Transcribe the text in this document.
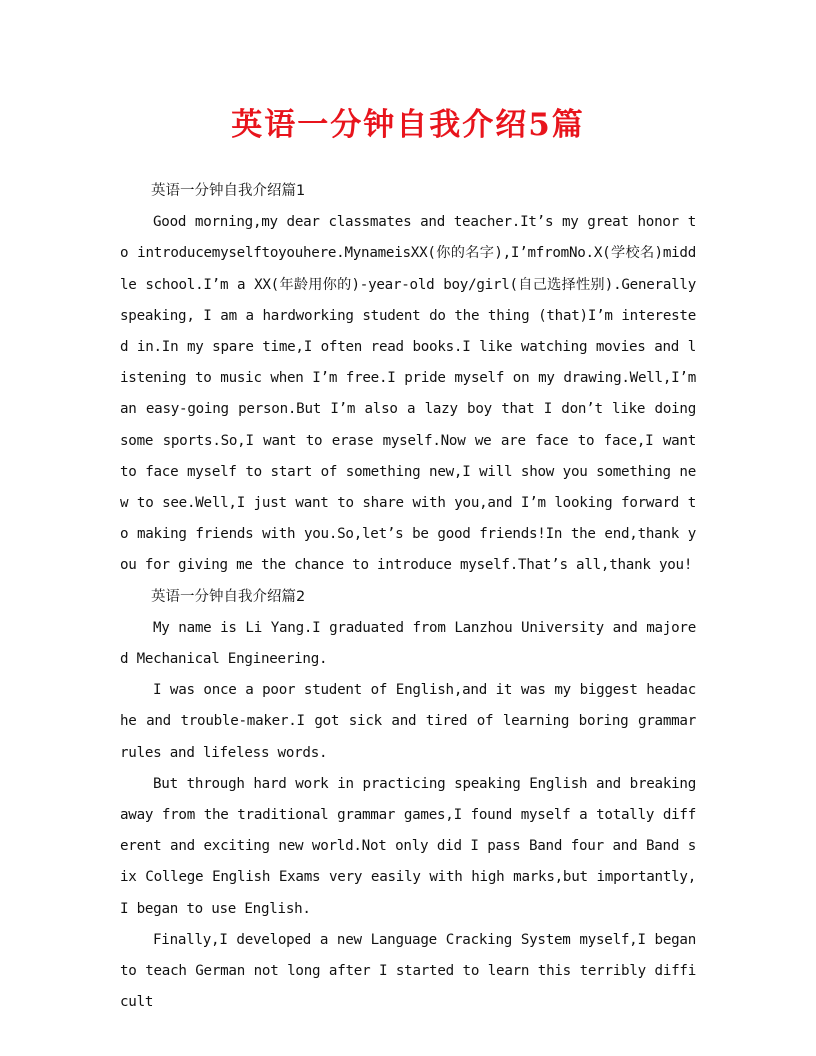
英语一分钟自我介绍5篇

英语一分钟自我介绍篇1

Good morning,my dear classmates and teacher.It’s my great honor to introducemyselftoyouhere.MynameisXX(你的名字),I’mfromNo.X(学校名)middle school.I’m a XX(年龄用你的)-year-old boy/girl(自己选择性别).Generally speaking, I am a hardworking student do the thing (that)I’m interested in.In my spare time,I often read books.I like watching movies and listening to music when I’m free.I pride myself on my drawing.Well,I’m an easy-going person.But I’m also a lazy boy that I don’t like doing some sports.So,I want to erase myself.Now we are face to face,I want to face myself to start of something new,I will show you something new to see.Well,I just want to share with you,and I’m looking forward to making friends with you.So,let’s be good friends!In the end,thank you for giving me the chance to introduce myself.That’s all,thank you!

英语一分钟自我介绍篇2

My name is Li Yang.I graduated from Lanzhou University and majored Mechanical Engineering.

I was once a poor student of English,and it was my biggest headache and trouble-maker.I got sick and tired of learning boring grammar rules and lifeless words.

But through hard work in practicing speaking English and breaking away from the traditional grammar games,I found myself a totally different and exciting new world.Not only did I pass Band four and Band six College English Exams very easily with high marks,but importantly,I began to use English.

Finally,I developed a new Language Cracking System myself,I began to teach German not long after I started to learn this terribly difficult
